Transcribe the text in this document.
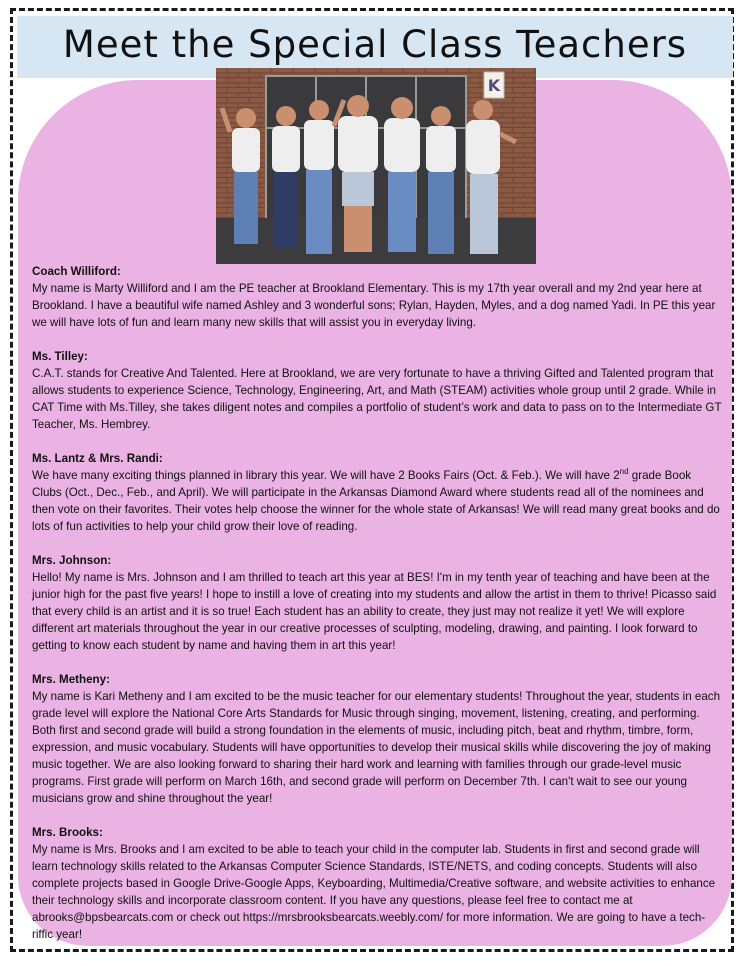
Meet the Special Class Teachers
K

Coach Williford:

My name is Marty Williford and I am the PE teacher at Brookland Elementary. This is my 17th year overall and my 2nd year here at Brookland. I have a beautiful wife named Ashley and 3 wonderful sons; Rylan, Hayden, Myles, and a dog named Yadi. In PE this year we will have lots of fun and learn many new skills that will assist you in everyday living.

Ms. Tilley:

C.A.T. stands for Creative And Talented. Here at Brookland, we are very fortunate to have a thriving Gifted and Talented program that allows students to experience Science, Technology, Engineering, Art, and Math (STEAM) activities whole group until 2 grade. While in CAT Time with Ms.Tilley, she takes diligent notes and compiles a portfolio of student’s work and data to pass on to the Intermediate GT Teacher, Ms. Hembrey.

Ms. Lantz & Mrs. Randi:

We have many exciting things planned in library this year. We will have 2 Books Fairs (Oct. & Feb.). We will have 2nd grade Book Clubs (Oct., Dec., Feb., and April). We will participate in the Arkansas Diamond Award where students read all of the nominees and then vote on their favorites. Their votes help choose the winner for the whole state of Arkansas! We will read many great books and do lots of fun activities to help your child grow their love of reading.

Mrs. Johnson:

Hello! My name is Mrs. Johnson and I am thrilled to teach art this year at BES! I'm in my tenth year of teaching and have been at the junior high for the past five years! I hope to instill a love of creating into my students and allow the artist in them to thrive! Picasso said that every child is an artist and it is so true! Each student has an ability to create, they just may not realize it yet! We will explore different art materials throughout the year in our creative processes of sculpting, modeling, drawing, and painting. I look forward to getting to know each student by name and having them in art this year!

Mrs. Metheny:

My name is Kari Metheny and I am excited to be the music teacher for our elementary students! Throughout the year, students in each grade level will explore the National Core Arts Standards for Music through singing, movement, listening, creating, and performing. Both first and second grade will build a strong foundation in the elements of music, including pitch, beat and rhythm, timbre, form, expression, and music vocabulary. Students will have opportunities to develop their musical skills while discovering the joy of making music together. We are also looking forward to sharing their hard work and learning with families through our grade-level music programs. First grade will perform on March 16th, and second grade will perform on December 7th. I can't wait to see our young musicians grow and shine throughout the year!

Mrs. Brooks:

My name is Mrs. Brooks and I am excited to be able to teach your child in the computer lab. Students in first and second grade will learn technology skills related to the Arkansas Computer Science Standards, ISTE/NETS, and coding concepts. Students will also complete projects based in Google Drive-Google Apps, Keyboarding, Multimedia/Creative software, and website activities to enhance their technology skills and incorporate classroom content. If you have any questions, please feel free to contact me at abrooks@bpsbearcats.com or check out https://mrsbrooksbearcats.weebly.com/ for more information. We are going to have a tech-riffic year!
